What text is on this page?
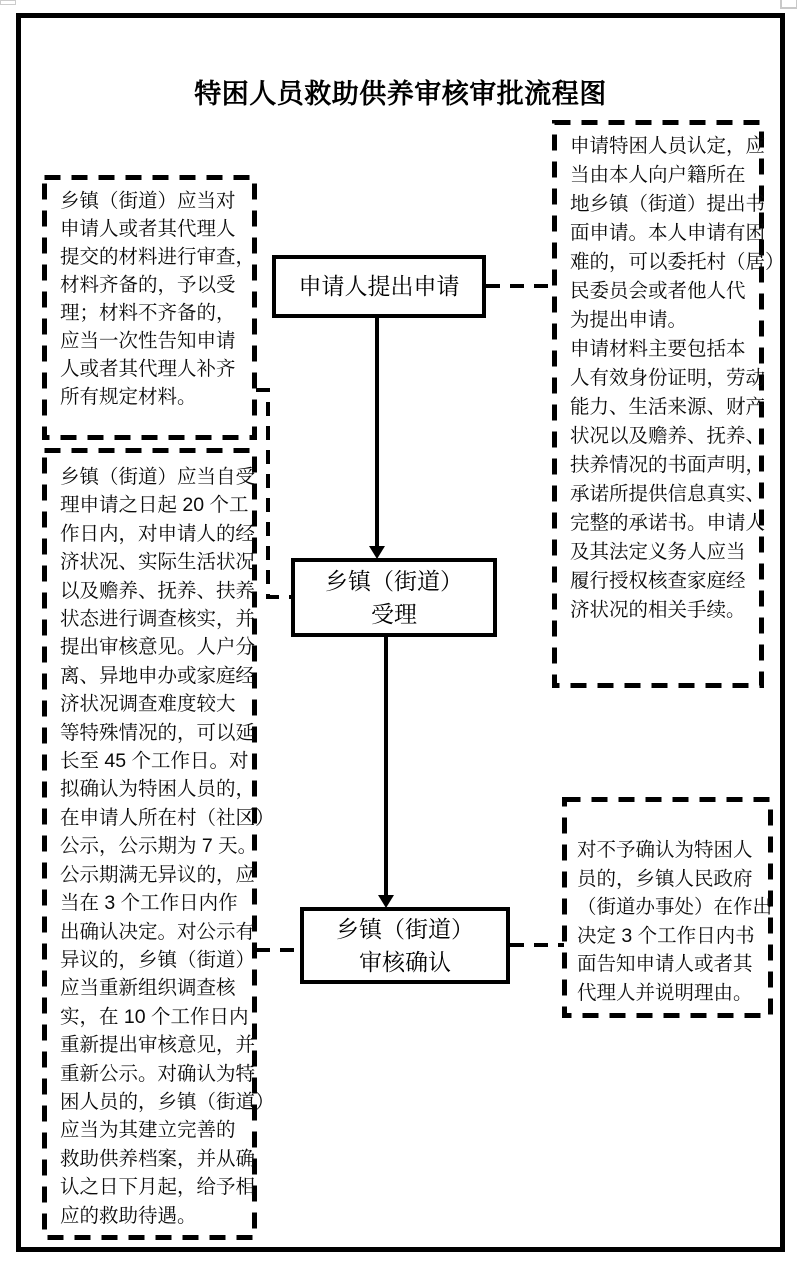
特困人员救助供养审核审批流程图
申请人提出申请
乡镇（街道）
受理
乡镇（街道）
审核确认
乡镇（街道）应当对
申请人或者其代理人
提交的材料进行审查，
材料齐备的，予以受
理；材料不齐备的，
应当一次性告知申请
人或者其代理人补齐
所有规定材料。
乡镇（街道）应当自受
理申请之日起 20 个工
作日内，对申请人的经
济状况、实际生活状况
以及赡养、抚养、扶养
状态进行调查核实，并
提出审核意见。人户分
离、异地申办或家庭经
济状况调查难度较大
等特殊情况的，可以延
长至 45 个工作日。对
拟确认为特困人员的，
在申请人所在村（社区）
公示，公示期为 7 天。
公示期满无异议的，应
当在 3 个工作日内作
出确认决定。对公示有
异议的，乡镇（街道）
应当重新组织调查核
实，在 10 个工作日内
重新提出审核意见，并
重新公示。对确认为特
困人员的，乡镇（街道）
应当为其建立完善的
救助供养档案，并从确
认之日下月起，给予相
应的救助待遇。
申请特困人员认定，应
当由本人向户籍所在
地乡镇（街道）提出书
面申请。本人申请有困
难的，可以委托村（居）
民委员会或者他人代
为提出申请。
申请材料主要包括本
人有效身份证明，劳动
能力、生活来源、财产
状况以及赡养、抚养、
扶养情况的书面声明，
承诺所提供信息真实、
完整的承诺书。申请人
及其法定义务人应当
履行授权核查家庭经
济状况的相关手续。
对不予确认为特困人
员的，乡镇人民政府
（街道办事处）在作出
决定 3 个工作日内书
面告知申请人或者其
代理人并说明理由。
